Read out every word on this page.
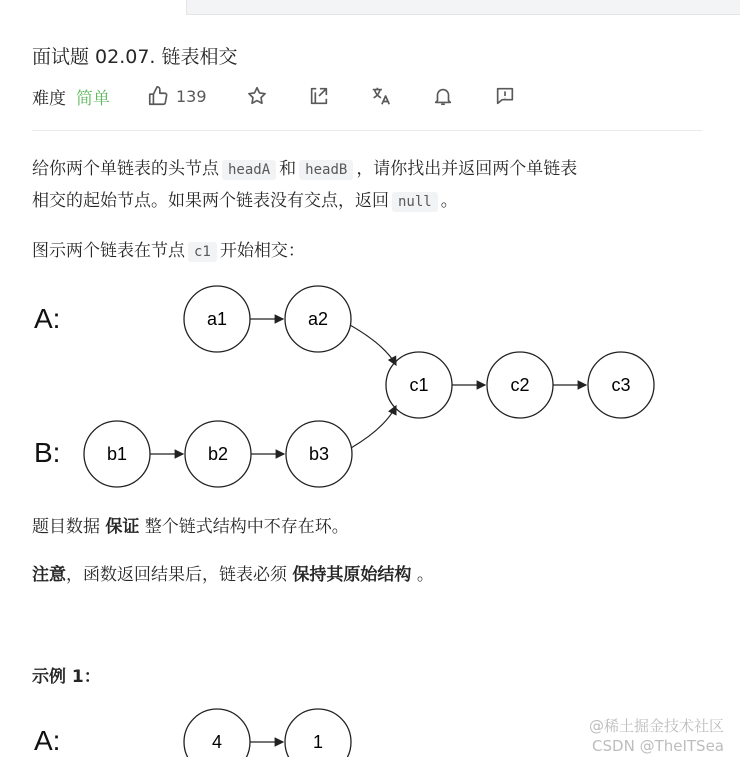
面试题 02.07. 链表相交
难度 简单	139
给你两个单链表的头节点 headA 和 headB ，请你找出并返回两个单链表
相交的起始节点。如果两个链表没有交点，返回 null 。
图示两个链表在节点 c1 开始相交：
A:
B:
a1	a2
c1	c2	c3
b1	b2	b3
题目数据 保证 整个链式结构中不存在环。
注意，函数返回结果后，链表必须 保持其原始结构 。
示例 1：
A:	4	1
@稀土掘金技术社区
CSDN @TheITSea
